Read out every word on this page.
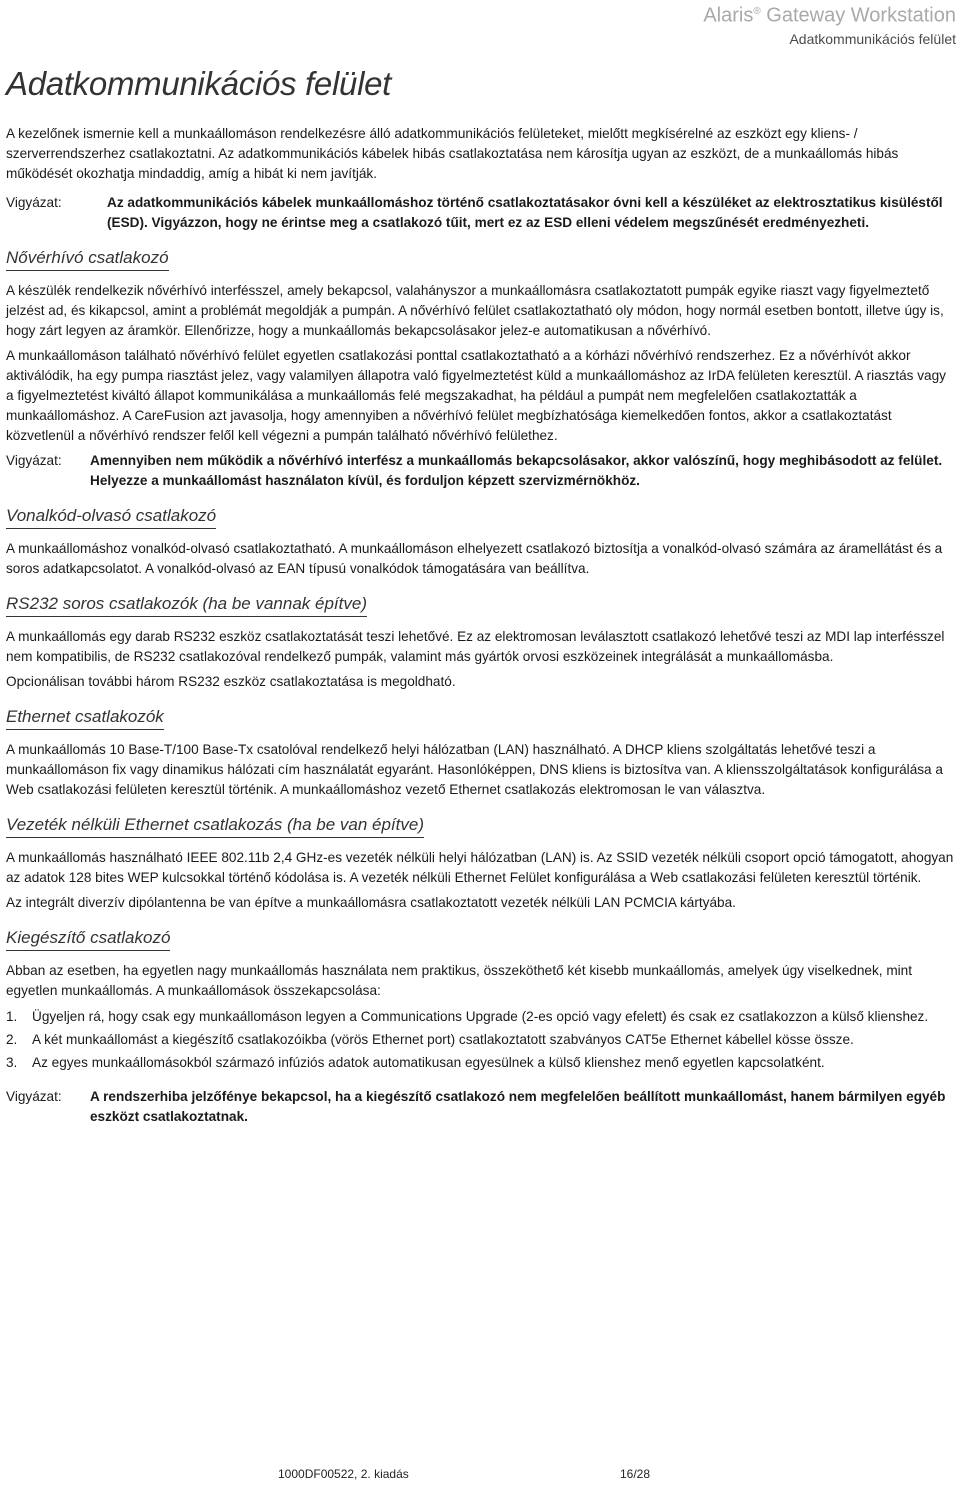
Alaris® Gateway Workstation
Adatkommunikációs felület
Adatkommunikációs felület

A kezelőnek ismernie kell a munkaállomáson rendelkezésre álló adatkommunikációs felületeket, mielőtt megkísérelné az eszközt egy kliens- / szerverrendszerhez csatlakoztatni. Az adatkommunikációs kábelek hibás csatlakoztatása nem károsítja ugyan az eszközt, de a munkaállomás hibás működését okozhatja mindaddig, amíg a hibát ki nem javítják.

Vigyázat:	Az adatkommunikációs kábelek munkaállomáshoz történő csatlakoztatásakor óvni kell a készüléket az elektrosztatikus kisüléstől (ESD). Vigyázzon, hogy ne érintse meg a csatlakozó tűit, mert ez az ESD elleni védelem megszűnését eredményezheti.
Nővérhívó csatlakozó

A készülék rendelkezik nővérhívó interfésszel, amely bekapcsol, valahányszor a munkaállomásra csatlakoztatott pumpák egyike riaszt vagy figyelmeztető jelzést ad, és kikapcsol, amint a problémát megoldják a pumpán. A nővérhívó felület csatlakoztatható oly módon, hogy normál esetben bontott, illetve úgy is, hogy zárt legyen az áramkör. Ellenőrizze, hogy a munkaállomás bekapcsolásakor jelez-e automatikusan a nővérhívó.

A munkaállomáson található nővérhívó felület egyetlen csatlakozási ponttal csatlakoztatható a a kórházi nővérhívó rendszerhez. Ez a nővérhívót akkor aktiválódik, ha egy pumpa riasztást jelez, vagy valamilyen állapotra való figyelmeztetést küld a munkaállomáshoz az IrDA felületen keresztül. A riasztás vagy a figyelmeztetést kiváltó állapot kommunikálása a munkaállomás felé megszakadhat, ha például a pumpát nem megfelelően csatlakoztatták a munkaállomáshoz. A CareFusion azt javasolja, hogy amennyiben a nővérhívó felület megbízhatósága kiemelkedően fontos, akkor a csatlakoztatást közvetlenül a nővérhívó rendszer felől kell végezni a pumpán található nővérhívó felülethez.

Vigyázat:	Amennyiben nem működik a nővérhívó interfész a munkaállomás bekapcsolásakor, akkor valószínű, hogy meghibásodott az felület. Helyezze a munkaállomást használaton kívül, és forduljon képzett szervizmérnökhöz.
Vonalkód-olvasó csatlakozó

A munkaállomáshoz vonalkód-olvasó csatlakoztatható. A munkaállomáson elhelyezett csatlakozó biztosítja a vonalkód-olvasó számára az áramellátást és a soros adatkapcsolatot. A vonalkód-olvasó az EAN típusú vonalkódok támogatására van beállítva.

RS232 soros csatlakozók (ha be vannak építve)

A munkaállomás egy darab RS232 eszköz csatlakoztatását teszi lehetővé. Ez az elektromosan leválasztott csatlakozó lehetővé teszi az MDI lap interfésszel nem kompatibilis, de RS232 csatlakozóval rendelkező pumpák, valamint más gyártók orvosi eszközeinek integrálását a munkaállomásba.

Opcionálisan további három RS232 eszköz csatlakoztatása is megoldható.

Ethernet csatlakozók

A munkaállomás 10 Base-T/100 Base-Tx csatolóval rendelkező helyi hálózatban (LAN) használható. A DHCP kliens szolgáltatás lehetővé teszi a munkaállomáson fix vagy dinamikus hálózati cím használatát egyaránt. Hasonlóképpen, DNS kliens is biztosítva van. A kliensszolgáltatások konfigurálása a Web csatlakozási felületen keresztül történik. A munkaállomáshoz vezető Ethernet csatlakozás elektromosan le van választva.

Vezeték nélküli Ethernet csatlakozás (ha be van építve)

A munkaállomás használható IEEE 802.11b 2,4 GHz-es vezeték nélküli helyi hálózatban (LAN) is. Az SSID vezeték nélküli csoport opció támogatott, ahogyan az adatok 128 bites WEP kulcsokkal történő kódolása is. A vezeték nélküli Ethernet Felület konfigurálása a Web csatlakozási felületen keresztül történik.

Az integrált diverzív dipólantenna be van építve a munkaállomásra csatlakoztatott vezeték nélküli LAN PCMCIA kártyába.

Kiegészítő csatlakozó

Abban az esetben, ha egyetlen nagy munkaállomás használata nem praktikus, összeköthető két kisebb munkaállomás, amelyek úgy viselkednek, mint egyetlen munkaállomás. A munkaállomások összekapcsolása:

1.	Ügyeljen rá, hogy csak egy munkaállomáson legyen a Communications Upgrade (2-es opció vagy efelett) és csak ez csatlakozzon a külső klienshez.
2.	A két munkaállomást a kiegészítő csatlakozóikba (vörös Ethernet port) csatlakoztatott szabványos CAT5e Ethernet kábellel kösse össze.
3.	Az egyes munkaállomásokból származó infúziós adatok automatikusan egyesülnek a külső klienshez menő egyetlen kapcsolatként.
Vigyázat:	A rendszerhiba jelzőfénye bekapcsol, ha a kiegészítő csatlakozó nem megfelelően beállított munkaállomást, hanem bármilyen egyéb eszközt csatlakoztatnak.
1000DF00522, 2. kiadás	16/28
